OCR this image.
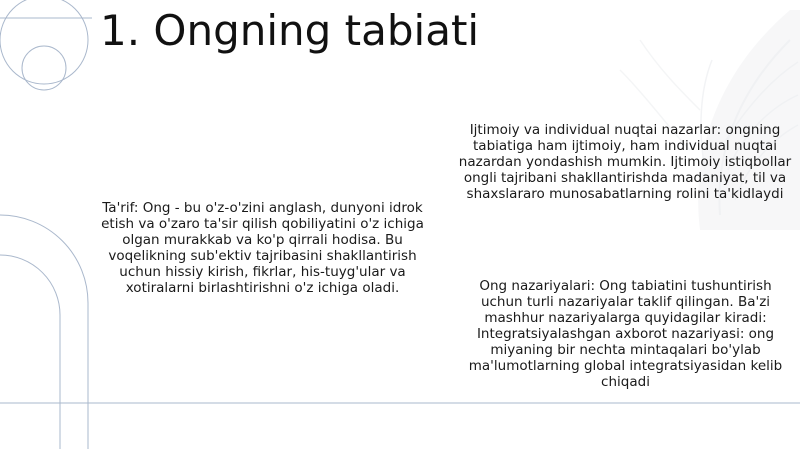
1. Ongning tabiati

Ta'rif: Ong - bu o'z-o'zini anglash, dunyoni idrok etish va o'zaro ta'sir qilish qobiliyatini o'z ichiga olgan murakkab va ko'p qirrali hodisa. Bu voqelikning sub'ektiv tajribasini shakllantirish uchun hissiy kirish, fikrlar, his-tuyg'ular va xotiralarni birlashtirishni o'z ichiga oladi.

Ijtimoiy va individual nuqtai nazarlar: ongning tabiatiga ham ijtimoiy, ham individual nuqtai nazardan yondashish mumkin. Ijtimoiy istiqbollar ongli tajribani shakllantirishda madaniyat, til va shaxslararo munosabatlarning rolini ta'kidlaydi

Ong nazariyalari: Ong tabiatini tushuntirish uchun turli nazariyalar taklif qilingan. Ba'zi mashhur nazariyalarga quyidagilar kiradi: Integratsiyalashgan axborot nazariyasi: ong miyaning bir nechta mintaqalari bo'ylab ma'lumotlarning global integratsiyasidan kelib chiqadi
